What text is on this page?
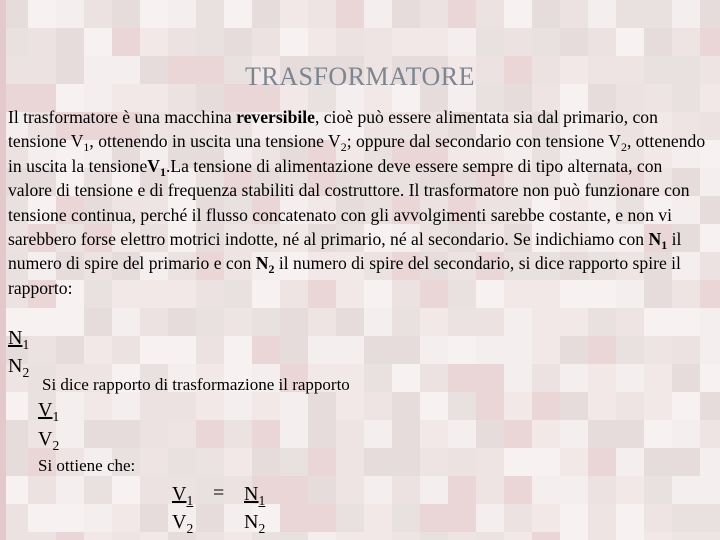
TRASFORMATORE
Il trasformatore è una macchina reversibile, cioè può essere alimentata sia dal primario, con tensione $V_1$, ottenendo in uscita una tensione $V_2$; oppure dal secondario con tensione $V_2$, ottenendo in uscita la tensioneV$_1$.La tensione di alimentazione deve essere sempre di tipo alternata, con valore di tensione e di frequenza stabiliti dal costruttore. Il trasformatore non può funzionare con tensione continua, perché il flusso concatenato con gli avvolgimenti sarebbe costante, e non vi sarebbero forse elettro motrici indotte, né al primario, né al secondario. Se indichiamo con $N_1$ il numero di spire del primario e con $N_2$ il numero di spire del secondario, si dice rapporto spire il rapporto:
$N_1$
$N_2$
Si dice rapporto di trasformazione il rapporto
$V_1$
$V_2$
Si ottiene che:
$V_1$
$V_2$
= $N_1$
$N_2$
